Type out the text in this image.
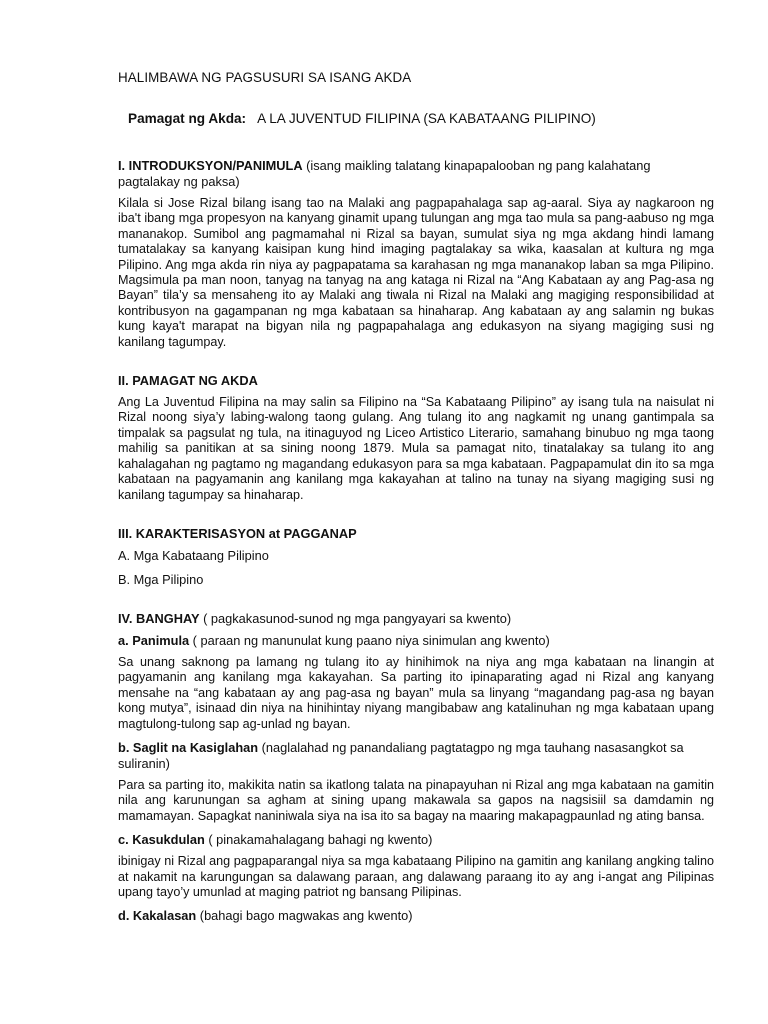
HALIMBAWA NG PAGSUSURI SA ISANG AKDA
Pamagat ng Akda: A LA JUVENTUD FILIPINA (SA KABATAANG PILIPINO)
I. INTRODUKSYON/PANIMULA (isang maikling talatang kinapapalooban ng pang kalahatang pagtalakay ng paksa)

Kilala si Jose Rizal bilang isang tao na Malaki ang pagpapahalaga sap ag-aaral. Siya ay nagkaroon ng iba't ibang mga propesyon na kanyang ginamit upang tulungan ang mga tao mula sa pang-aabuso ng mga mananakop. Sumibol ang pagmamahal ni Rizal sa bayan, sumulat siya ng mga akdang hindi lamang tumatalakay sa kanyang kaisipan kung hind imaging pagtalakay sa wika, kaasalan at kultura ng mga Pilipino. Ang mga akda rin niya ay pagpapatama sa karahasan ng mga mananakop laban sa mga Pilipino. Magsimula pa man noon, tanyag na tanyag na ang kataga ni Rizal na “Ang Kabataan ay ang Pag-asa ng Bayan” tila’y sa mensaheng ito ay Malaki ang tiwala ni Rizal na Malaki ang magiging responsibilidad at kontribusyon na gagampanan ng mga kabataan sa hinaharap. Ang kabataan ay ang salamin ng bukas kung kaya't marapat na bigyan nila ng pagpapahalaga ang edukasyon na siyang magiging susi ng kanilang tagumpay.

II. PAMAGAT NG AKDA

Ang La Juventud Filipina na may salin sa Filipino na “Sa Kabataang Pilipino” ay isang tula na naisulat ni Rizal noong siya’y labing-walong taong gulang. Ang tulang ito ang nagkamit ng unang gantimpala sa timpalak sa pagsulat ng tula, na itinaguyod ng Liceo Artistico Literario, samahang binubuo ng mga taong mahilig sa panitikan at sa sining noong 1879. Mula sa pamagat nito, tinatalakay sa tulang ito ang kahalagahan ng pagtamo ng magandang edukasyon para sa mga kabataan. Pagpapamulat din ito sa mga kabataan na pagyamanin ang kanilang mga kakayahan at talino na tunay na siyang magiging susi ng kanilang tagumpay sa hinaharap.

III. KARAKTERISASYON at PAGGANAP
A. Mga Kabataang Pilipino
B. Mga Pilipino
IV. BANGHAY ( pagkakasunod-sunod ng mga pangyayari sa kwento)
a. Panimula ( paraan ng manunulat kung paano niya sinimulan ang kwento)

Sa unang saknong pa lamang ng tulang ito ay hinihimok na niya ang mga kabataan na linangin at pagyamanin ang kanilang mga kakayahan. Sa parting ito ipinaparating agad ni Rizal ang kanyang mensahe na “ang kabataan ay ang pag-asa ng bayan” mula sa linyang “magandang pag-asa ng bayan kong mutya”, isinaad din niya na hinihintay niyang mangibabaw ang katalinuhan ng mga kabataan upang magtulong-tulong sap ag-unlad ng bayan.

b. Saglit na Kasiglahan (naglalahad ng panandaliang pagtatagpo ng mga tauhang nasasangkot sa suliranin)

Para sa parting ito, makikita natin sa ikatlong talata na pinapayuhan ni Rizal ang mga kabataan na gamitin nila ang karunungan sa agham at sining upang makawala sa gapos na nagsisiil sa damdamin ng mamamayan. Sapagkat naniniwala siya na isa ito sa bagay na maaring makapagpaunlad ng ating bansa.

c. Kasukdulan ( pinakamahalagang bahagi ng kwento)

ibinigay ni Rizal ang pagpaparangal niya sa mga kabataang Pilipino na gamitin ang kanilang angking talino at nakamit na karungungan sa dalawang paraan, ang dalawang paraang ito ay ang i-angat ang Pilipinas upang tayo’y umunlad at maging patriot ng bansang Pilipinas.

d. Kakalasan (bahagi bago magwakas ang kwento)
